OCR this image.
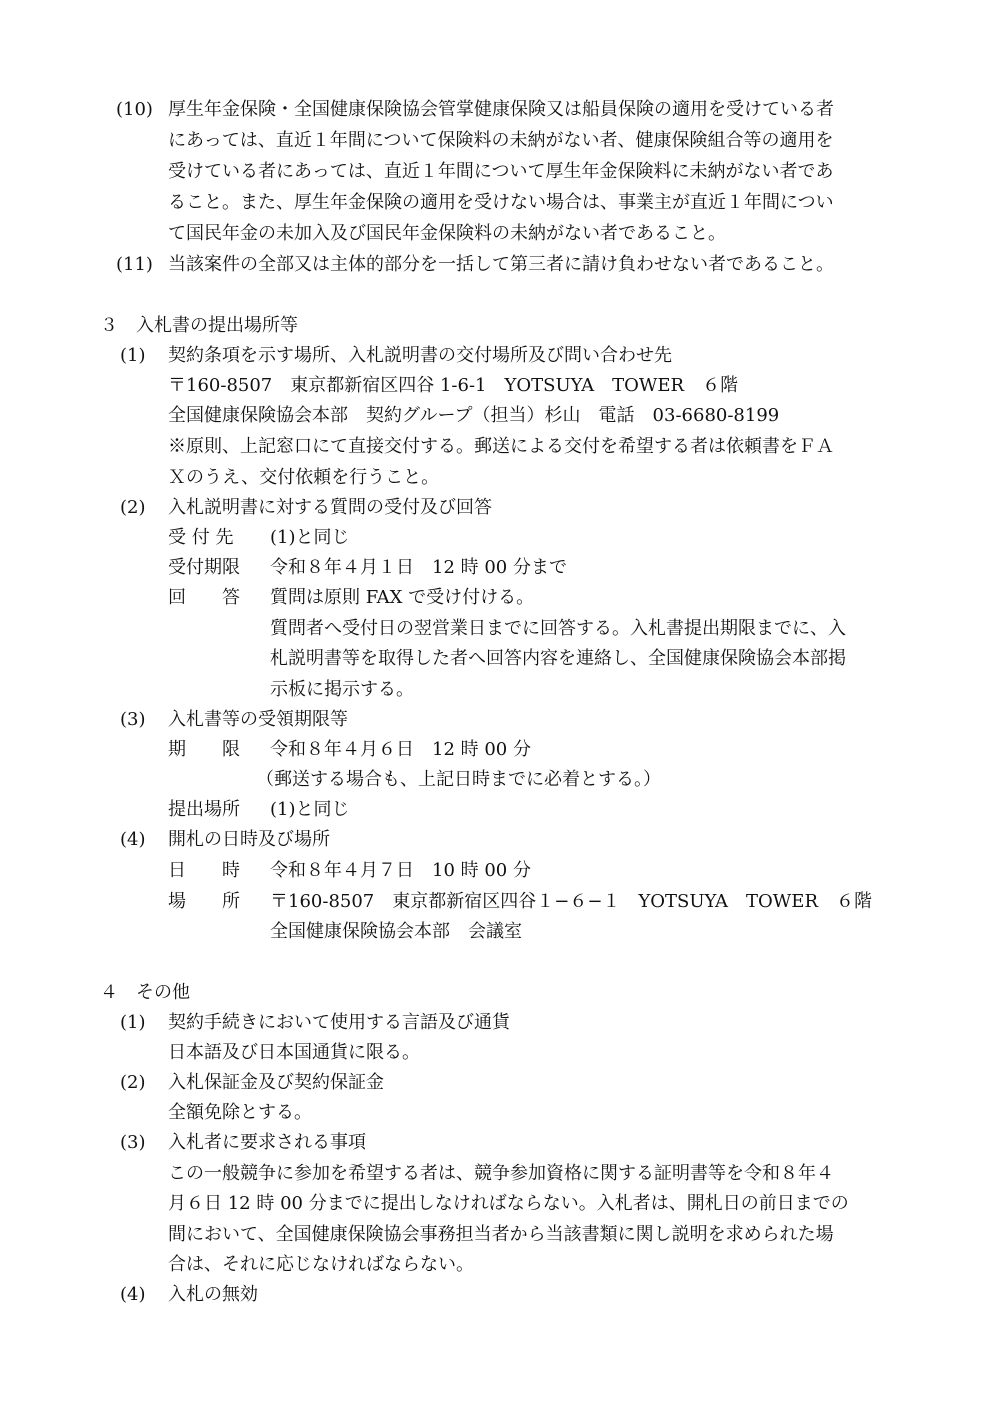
(10) 厚生年金保険・全国健康保険協会管掌健康保険又は船員保険の適用を受けている者
にあっては、直近１年間について保険料の未納がない者、健康保険組合等の適用を
受けている者にあっては、直近１年間について厚生年金保険料に未納がない者であ
ること。また、厚生年金保険の適用を受けない場合は、事業主が直近１年間につい
て国民年金の未加入及び国民年金保険料の未納がない者であること。
(11) 当該案件の全部又は主体的部分を一括して第三者に請け負わせない者であること。
３　入札書の提出場所等
(1) 契約条項を示す場所、入札説明書の交付場所及び問い合わせ先
〒160-8507　東京都新宿区四谷 1-6-1　YOTSUYA　TOWER　６階
全国健康保険協会本部　契約グループ（担当）杉山　電話　03-6680-8199
※原則、上記窓口にて直接交付する。郵送による交付を希望する者は依頼書をＦＡ
Ｘのうえ、交付依頼を行うこと。
(2) 入札説明書に対する質問の受付及び回答
受 付 先 (1)と同じ
受付期限 令和８年４月１日　12 時 00 分まで
回　　答 質問は原則 FAX で受け付ける。
質問者へ受付日の翌営業日までに回答する。入札書提出期限までに、入
札説明書等を取得した者へ回答内容を連絡し、全国健康保険協会本部掲
示板に掲示する。
(3) 入札書等の受領期限等
期　　限 令和８年４月６日　12 時 00 分
（郵送する場合も、上記日時までに必着とする。）
提出場所 (1)と同じ
(4) 開札の日時及び場所
日　　時 令和８年４月７日　10 時 00 分
場　　所 〒160-8507　東京都新宿区四谷１−６−１　YOTSUYA　TOWER　６階
全国健康保険協会本部　会議室
４　その他
(1) 契約手続きにおいて使用する言語及び通貨
日本語及び日本国通貨に限る。
(2) 入札保証金及び契約保証金
全額免除とする。
(3) 入札者に要求される事項
この一般競争に参加を希望する者は、競争参加資格に関する証明書等を令和８年４
月６日 12 時 00 分までに提出しなければならない。入札者は、開札日の前日までの
間において、全国健康保険協会事務担当者から当該書類に関し説明を求められた場
合は、それに応じなければならない。
(4) 入札の無効
